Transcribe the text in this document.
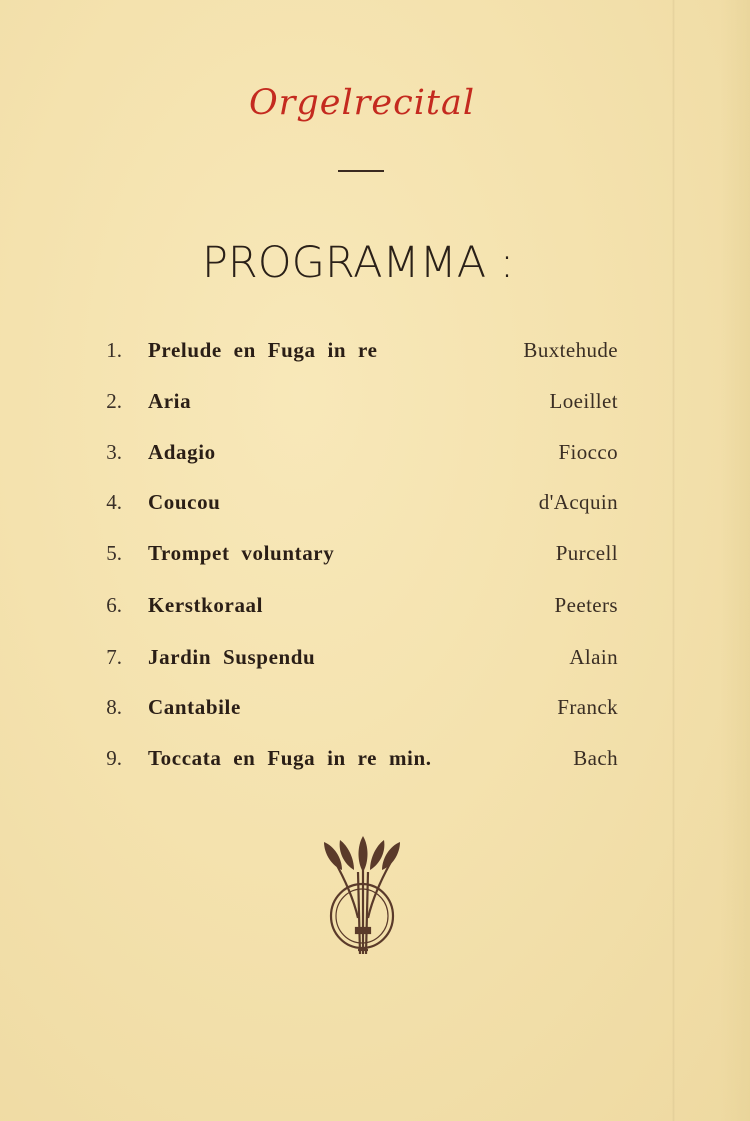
Orgelrecital
PROGRAMMA :
1. Prelude en Fuga in re	Buxtehude
2. Aria	Loeillet
3. Adagio	Fiocco
4. Coucou	d'Acquin
5. Trompet voluntary	Purcell
6. Kerstkoraal	Peeters
7. Jardin Suspendu	Alain
8. Cantabile	Franck
9. Toccata en Fuga in re min.	Bach
